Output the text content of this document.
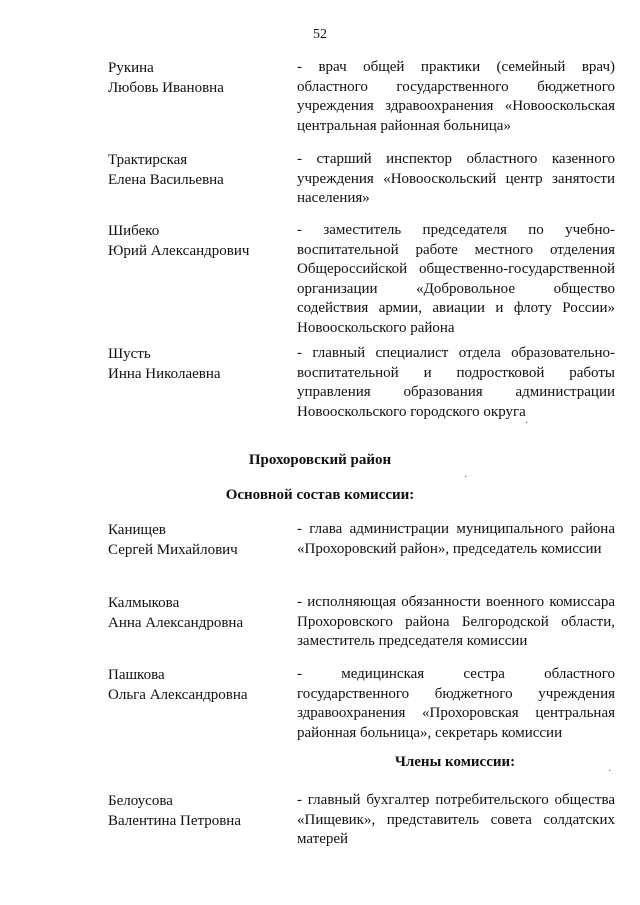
52
Рукина
Любовь Ивановна
- врач общей практики (семейный врач) областного государственного бюджетного учреждения здравоохранения «Новооскольская центральная районная больница»
Трактирская
Елена Васильевна
- старший инспектор областного казенного учреждения «Новооскольский центр занятости населения»
Шибеко
Юрий Александрович
- заместитель председателя по учебно-воспитательной работе местного отделения Общероссийской общественно-государственной организации «Добровольное общество содействия армии, авиации и флоту России» Новооскольского района
Шусть
Инна Николаевна
- главный специалист отдела образовательно-воспитательной и подростковой работы управления образования администрации Новооскольского городского округа
·
Прохоровский район
·
Основной состав комиссии:
Канищев
Сергей Михайлович
- глава администрации муниципального района «Прохоровский район», председатель комиссии
Калмыкова
Анна Александровна
- исполняющая обязанности военного комиссара Прохоровского района Белгородской области, заместитель председателя комиссии
Пашкова
Ольга Александровна
- медицинская сестра областного государственного бюджетного учреждения здравоохранения «Прохоровская центральная районная больница», секретарь комиссии
Члены комиссии:
·
Белоусова
Валентина Петровна
- главный бухгалтер потребительского общества «Пищевик», представитель совета солдатских матерей
